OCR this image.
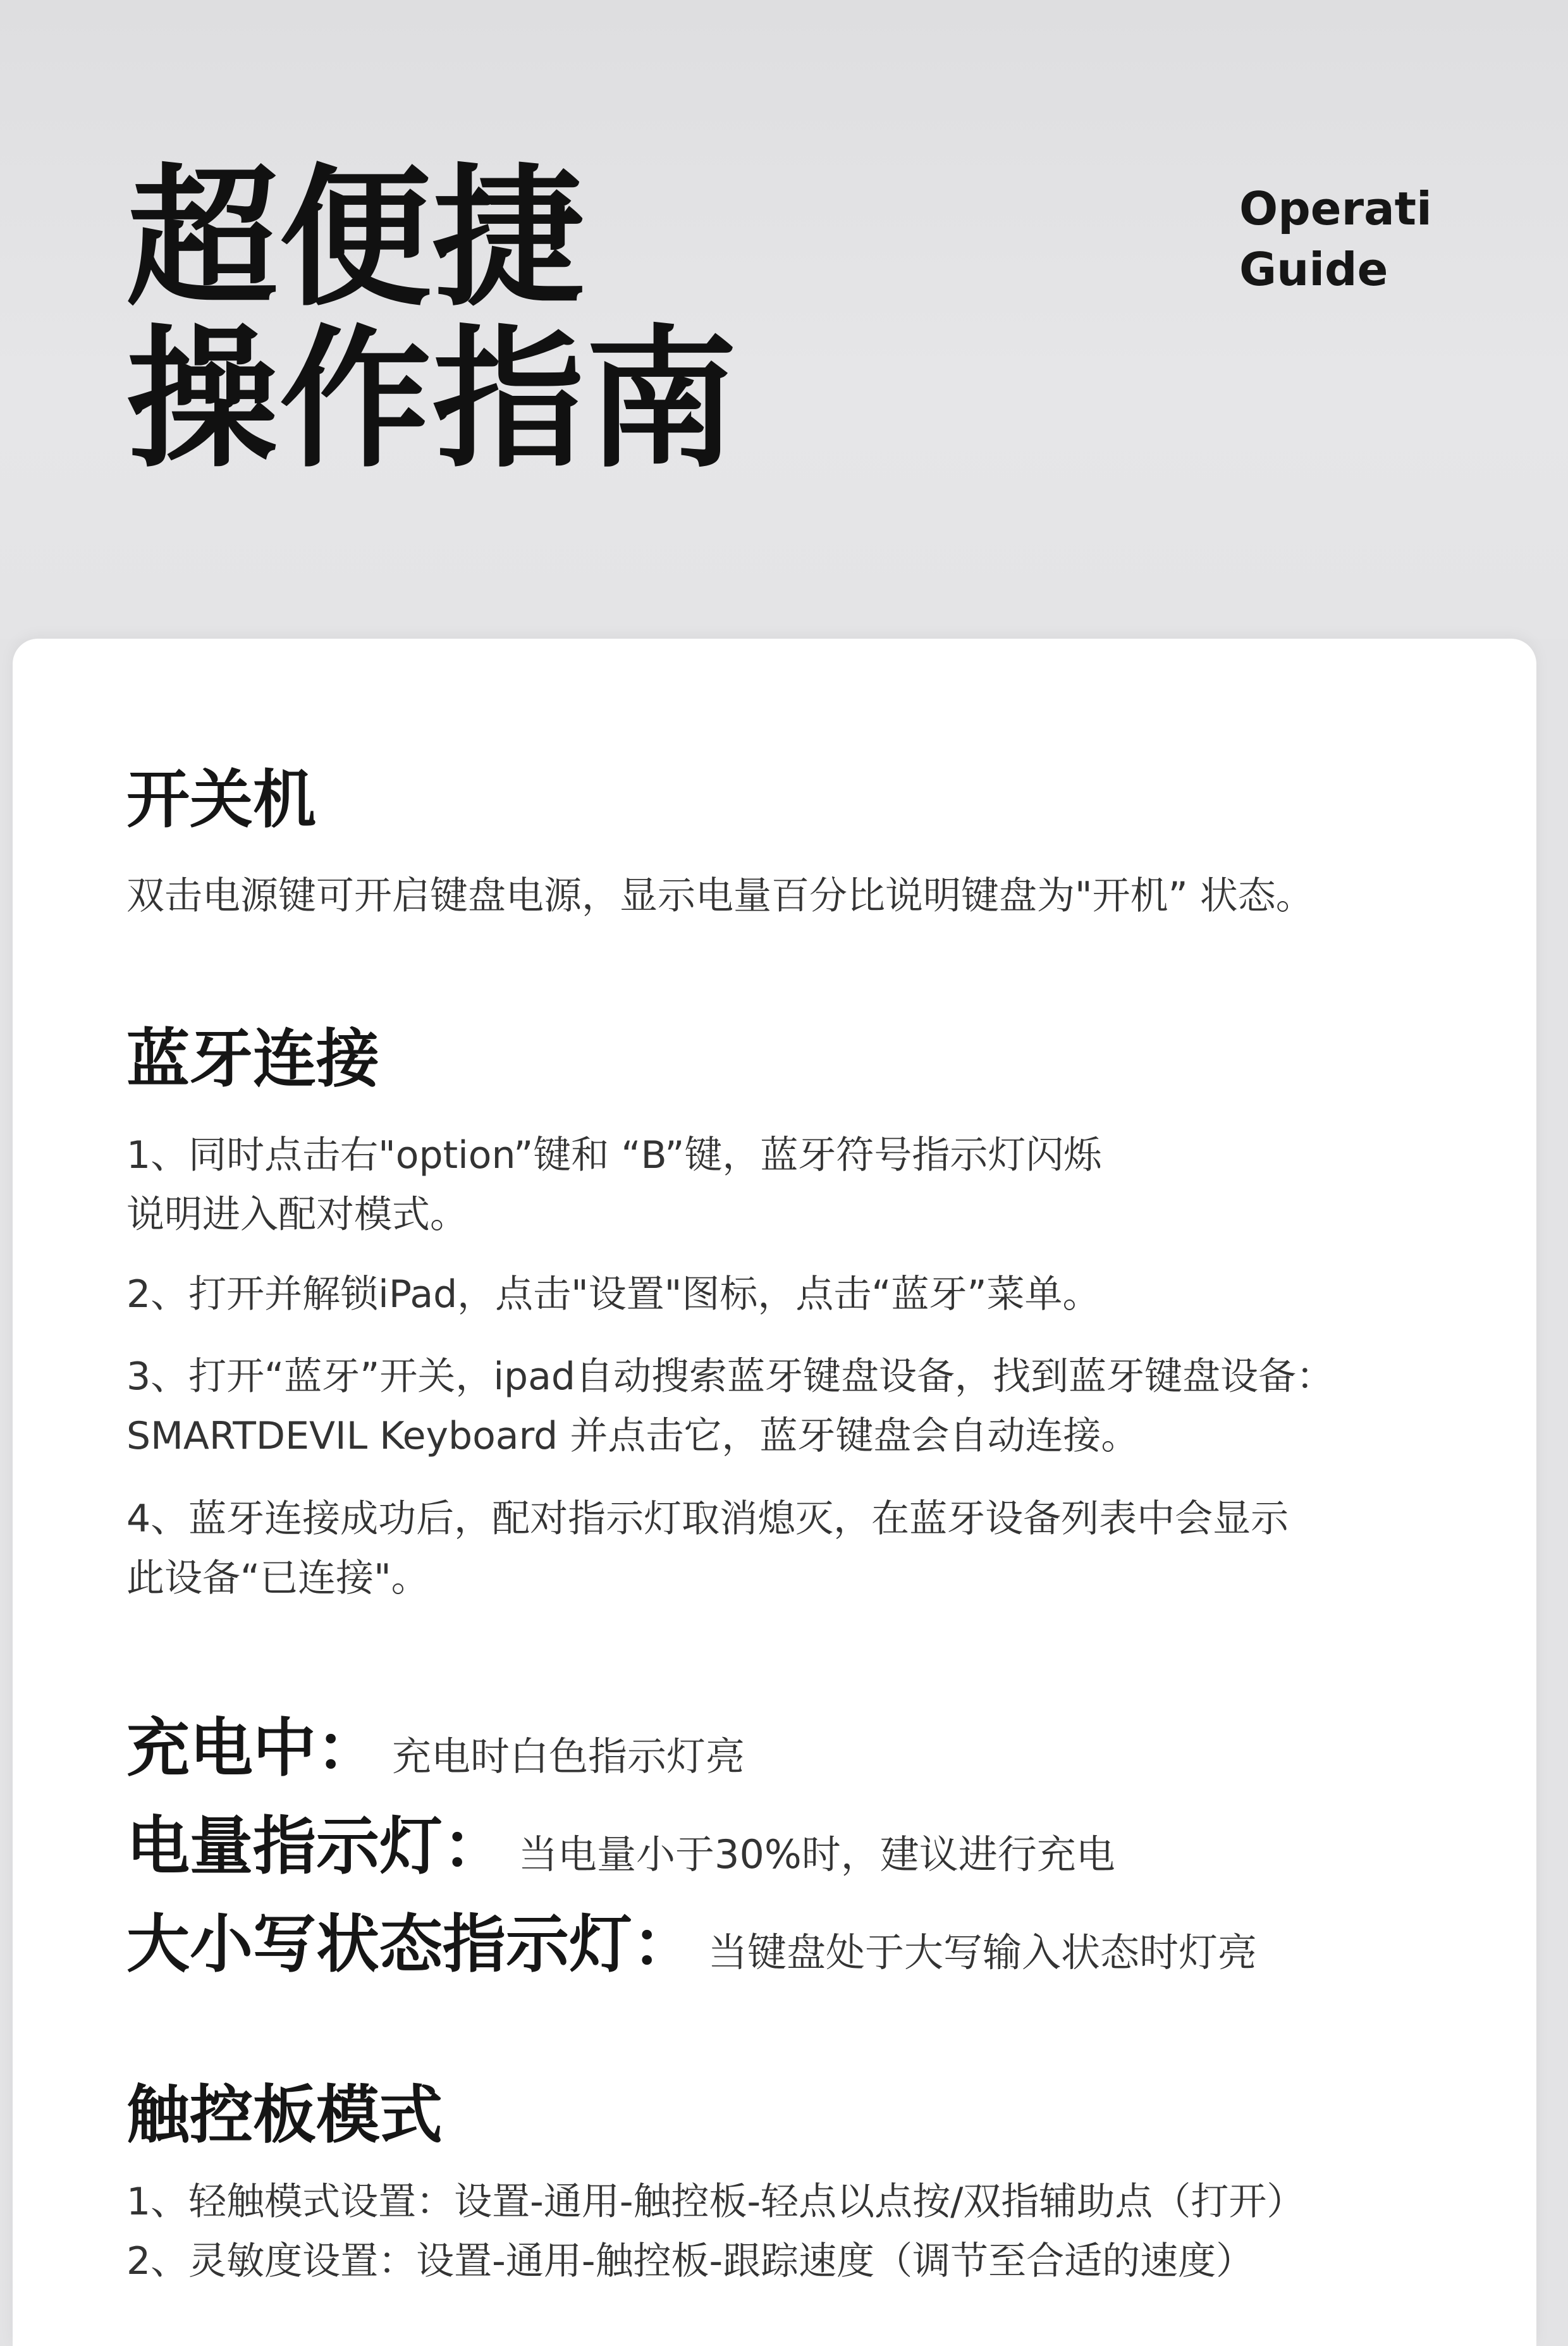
超便捷
操作指南
Operati
Guide
开关机

双击电源键可开启键盘电源，显示电量百分比说明键盘为"开机” 状态。

蓝牙连接

1、同时点击右"option”键和 “B”键，蓝牙符号指示灯闪烁
说明进入配对模式。

2、打开并解锁iPad，点击"设置"图标，点击“蓝牙”菜单。

3、打开“蓝牙”开关，ipad自动搜索蓝牙键盘设备，找到蓝牙键盘设备：
SMARTDEVIL Keyboard 并点击它，蓝牙键盘会自动连接。

4、蓝牙连接成功后，配对指示灯取消熄灭，在蓝牙设备列表中会显示
此设备“已连接"。

充电中： 充电时白色指示灯亮
电量指示灯： 当电量小于30%时，建议进行充电
大小写状态指示灯： 当键盘处于大写输入状态时灯亮
触控板模式

1、轻触模式设置：设置-通用-触控板-轻点以点按/双指辅助点（打开）
2、灵敏度设置：设置-通用-触控板-跟踪速度（调节至合适的速度）
